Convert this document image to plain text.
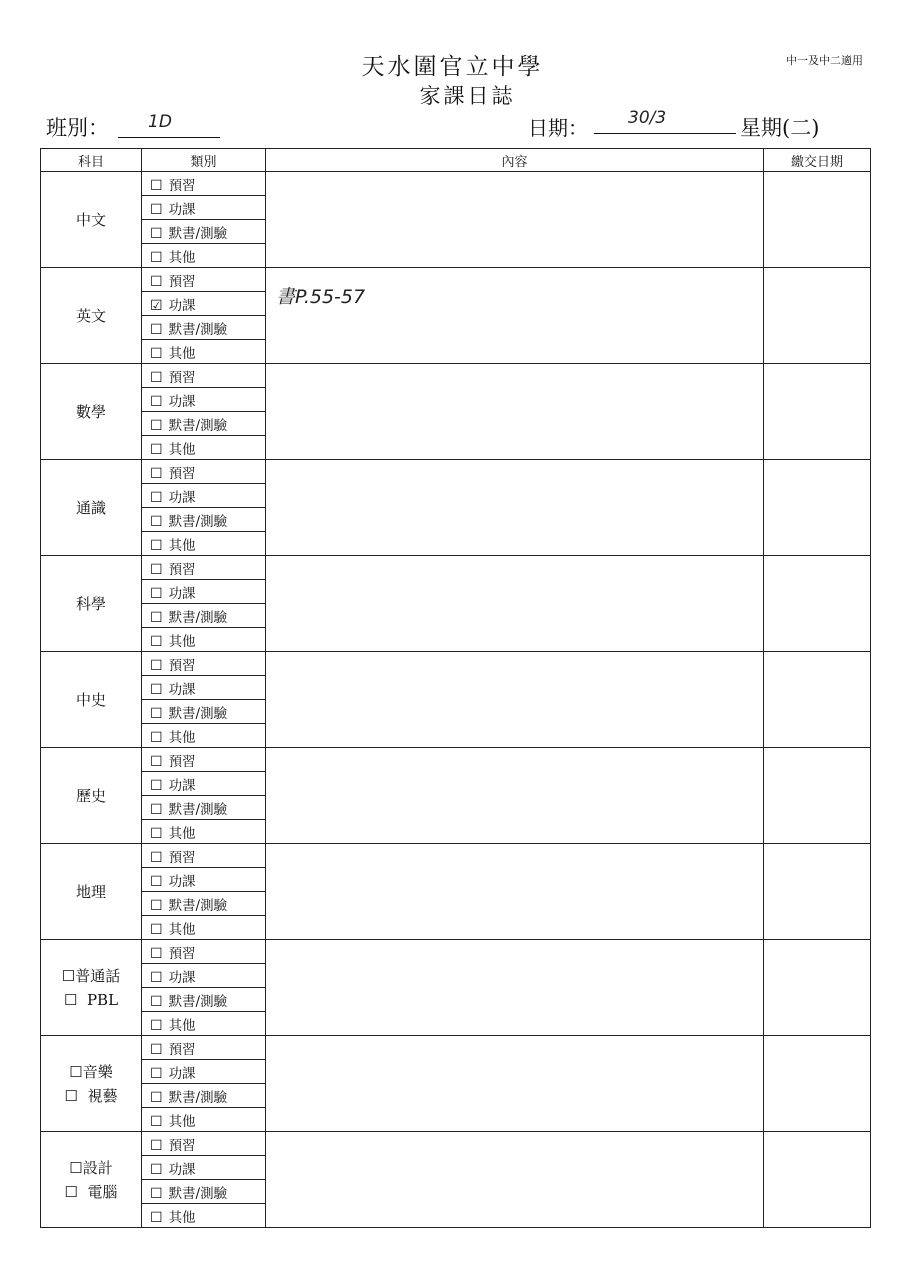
天水圍官立中學
家課日誌
中一及中二適用
班別：	1D	日期：	30/3	星期(二)
科目	類別	內容	繳交日期

中文	☐ 預習		
	☐ 功課		
	☐ 默書/測驗		
	☐ 其他		

英文	☐ 預習	書P.55-57	

	☑ 功課		
	☐ 默書/測驗		
	☐ 其他		

數學	☐ 預習		
	☐ 功課		
	☐ 默書/測驗		
	☐ 其他		

通識	☐ 預習		
	☐ 功課		
	☐ 默書/測驗		
	☐ 其他		

科學	☐ 預習		
	☐ 功課		
	☐ 默書/測驗		
	☐ 其他		

中史	☐ 預習		
	☐ 功課		
	☐ 默書/測驗		
	☐ 其他		

歷史	☐ 預習		
	☐ 功課		
	☐ 默書/測驗		
	☐ 其他		

地理	☐ 預習		
	☐ 功課		
	☐ 默書/測驗		
	☐ 其他		

☐普通話
☐  PBL	☐ 預習		
	☐ 功課		
	☐ 默書/測驗		
	☐ 其他		

☐音樂
☐  視藝	☐ 預習		
	☐ 功課		
	☐ 默書/測驗		
	☐ 其他		

☐設計
☐  電腦	☐ 預習		
	☐ 功課		
	☐ 默書/測驗		
	☐ 其他		
